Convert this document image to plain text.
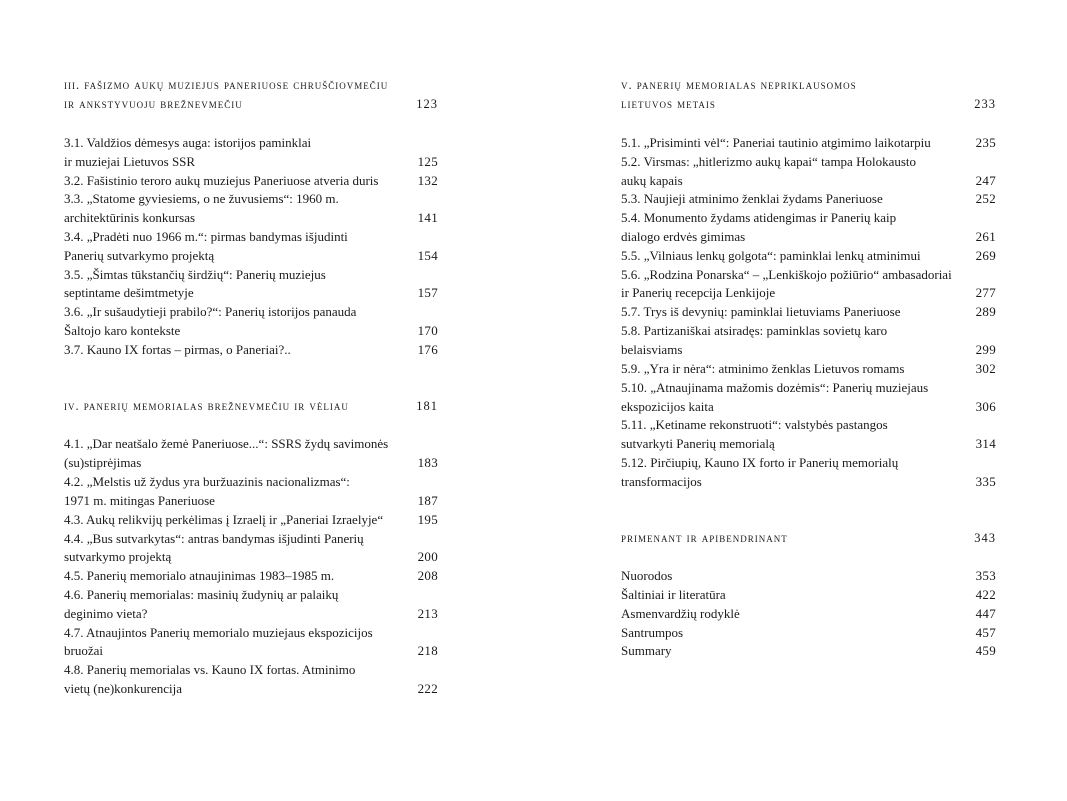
iii. fašizmo aukų muziejus paneriuose chruščiovmečiu
ir ankstyvuoju brežnevmečiu	123
3.1. Valdžios dėmesys auga: istorijos paminklai
ir muziejai Lietuvos SSR	125
3.2. Fašistinio teroro aukų muziejus Paneriuose atveria duris	132
3.3. „Statome gyviesiems, o ne žuvusiems“: 1960 m.
architektūrinis konkursas	141
3.4. „Pradėti nuo 1966 m.“: pirmas bandymas išjudinti
Panerių sutvarkymo projektą	154
3.5. „Šimtas tūkstančių širdžių“: Panerių muziejus
septintame dešimtmetyje	157
3.6. „Ir sušaudytieji prabilo?“: Panerių istorijos panauda
Šaltojo karo kontekste	170
3.7. Kauno IX fortas – pirmas, o Paneriai?..	176
iv. panerių memorialas brežnevmečiu ir vėliau	181
4.1. „Dar neatšalo žemė Paneriuose...“: SSRS žydų savimonės
(su)stiprėjimas	183
4.2. „Melstis už žydus yra buržuazinis nacionalizmas“:
1971 m. mitingas Paneriuose	187
4.3. Aukų relikvijų perkėlimas į Izraelį ir „Paneriai Izraelyje“	195
4.4. „Bus sutvarkytas“: antras bandymas išjudinti Panerių
sutvarkymo projektą	200
4.5. Panerių memorialo atnaujinimas 1983–1985 m.	208
4.6. Panerių memorialas: masinių žudynių ar palaikų
deginimo vieta?	213
4.7. Atnaujintos Panerių memorialo muziejaus ekspozicijos
bruožai	218
4.8. Panerių memorialas vs. Kauno IX fortas. Atminimo
vietų (ne)konkurencija	222
v. panerių memorialas nepriklausomos
lietuvos metais	233
5.1. „Prisiminti vėl“: Paneriai tautinio atgimimo laikotarpiu	235
5.2. Virsmas: „hitlerizmo aukų kapai“ tampa Holokausto
aukų kapais	247
5.3. Naujieji atminimo ženklai žydams Paneriuose	252
5.4. Monumento žydams atidengimas ir Panerių kaip
dialogo erdvės gimimas	261
5.5. „Vilniaus lenkų golgota“: paminklai lenkų atminimui	269
5.6. „Rodzina Ponarska“ – „Lenkiškojo požiūrio“ ambasadoriai
ir Panerių recepcija Lenkijoje	277
5.7. Trys iš devynių: paminklai lietuviams Paneriuose	289
5.8. Partizaniškai atsiradęs: paminklas sovietų karo
belaisviams	299
5.9. „Yra ir nėra“: atminimo ženklas Lietuvos romams	302
5.10. „Atnaujinama mažomis dozėmis“: Panerių muziejaus
ekspozicijos kaita	306
5.11. „Ketiname rekonstruoti“: valstybės pastangos
sutvarkyti Panerių memorialą	314
5.12. Pirčiupių, Kauno IX forto ir Panerių memorialų
transformacijos	335
primenant ir apibendrinant	343
Nuorodos	353
Šaltiniai ir literatūra	422
Asmenvardžių rodyklė	447
Santrumpos	457
Summary	459
